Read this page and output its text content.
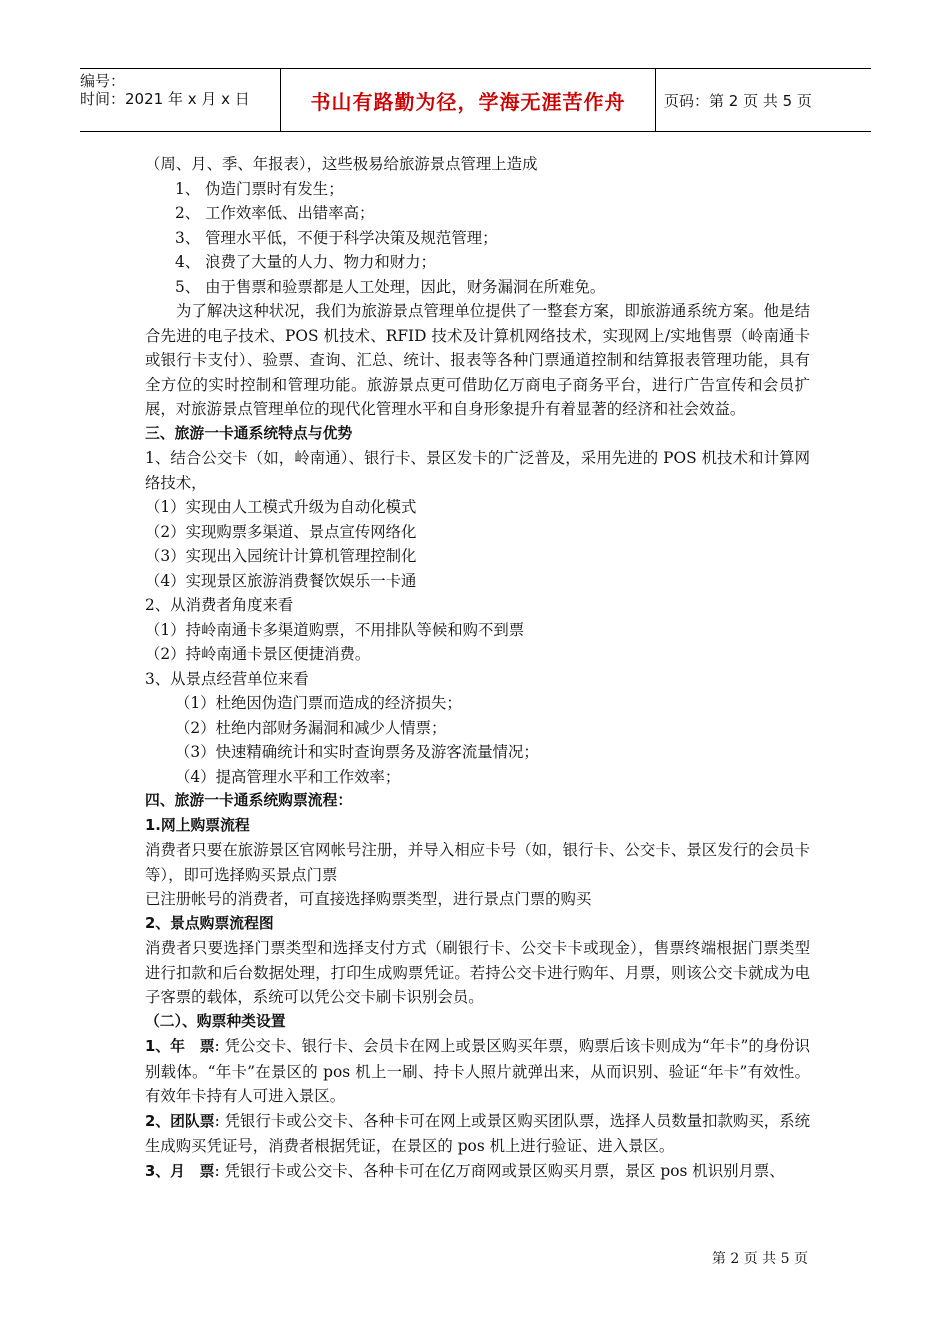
编号：
时间：2021 年 x 月 x 日	书山有路勤为径，学海无涯苦作舟	页码：第 2 页 共 5 页

（周、月、季、年报表），这些极易给旅游景点管理上造成

1、 伪造门票时有发生；

2、 工作效率低、出错率高；

3、 管理水平低，不便于科学决策及规范管理；

4、 浪费了大量的人力、物力和财力；

5、 由于售票和验票都是人工处理，因此，财务漏洞在所难免。

为了解决这种状况，我们为旅游景点管理单位提供了一整套方案，即旅游通系统方案。他是结合先进的电子技术、POS 机技术、RFID 技术及计算机网络技术，实现网上/实地售票（岭南通卡或银行卡支付）、验票、查询、汇总、统计、报表等各种门票通道控制和结算报表管理功能，具有全方位的实时控制和管理功能。旅游景点更可借助亿万商电子商务平台，进行广告宣传和会员扩展，对旅游景点管理单位的现代化管理水平和自身形象提升有着显著的经济和社会效益。

三、旅游一卡通系统特点与优势

1、结合公交卡（如，岭南通）、银行卡、景区发卡的广泛普及，采用先进的 POS 机技术和计算网络技术，

（1）实现由人工模式升级为自动化模式

（2）实现购票多渠道、景点宣传网络化

（3）实现出入园统计计算机管理控制化

（4）实现景区旅游消费餐饮娱乐一卡通

2、从消费者角度来看

（1）持岭南通卡多渠道购票，不用排队等候和购不到票

（2）持岭南通卡景区便捷消费。

3、从景点经营单位来看

（1）杜绝因伪造门票而造成的经济损失；

（2）杜绝内部财务漏洞和减少人情票；

（3）快速精确统计和实时查询票务及游客流量情况；

（4）提高管理水平和工作效率；

四、旅游一卡通系统购票流程：

1.网上购票流程

消费者只要在旅游景区官网帐号注册，并导入相应卡号（如，银行卡、公交卡、景区发行的会员卡等），即可选择购买景点门票

已注册帐号的消费者，可直接选择购票类型，进行景点门票的购买

2、景点购票流程图

消费者只要选择门票类型和选择支付方式（刷银行卡、公交卡卡或现金），售票终端根据门票类型进行扣款和后台数据处理，打印生成购票凭证。若持公交卡进行购年、月票，则该公交卡就成为电子客票的载体，系统可以凭公交卡刷卡识别会员。

（二）、购票种类设置

1、年　票: 凭公交卡、银行卡、会员卡在网上或景区购买年票，购票后该卡则成为“年卡”的身份识别载体。“年卡”在景区的 pos 机上一刷、持卡人照片就弹出来，从而识别、验证“年卡”有效性。有效年卡持有人可进入景区。

2、团队票: 凭银行卡或公交卡、各种卡可在网上或景区购买团队票，选择人员数量扣款购买，系统生成购买凭证号，消费者根据凭证，在景区的 pos 机上进行验证、进入景区。

3、月　票: 凭银行卡或公交卡、各种卡可在亿万商网或景区购买月票，景区 pos 机识别月票、

第 2 页 共 5 页
